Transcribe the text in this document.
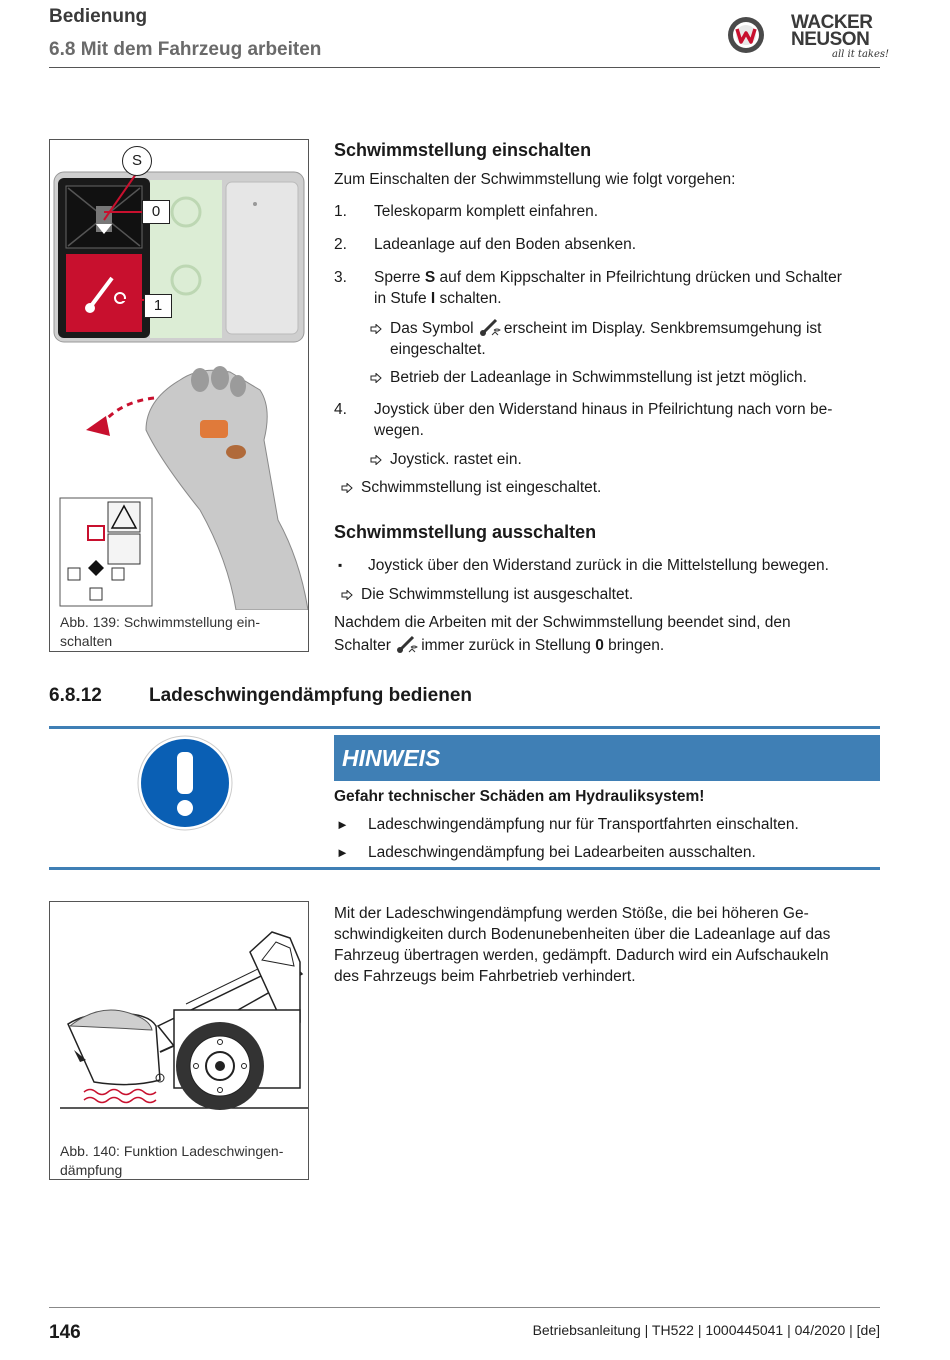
Bedienung
6.8 Mit dem Fahrzeug arbeiten
WACKER
NEUSON
all it takes!
S
0
1
Abb. 139: Schwimmstellung ein-
schalten
Schwimmstellung einschalten
Zum Einschalten der Schwimmstellung wie folgt vorgehen:
1. Teleskoparm komplett einfahren.
2. Ladeanlage auf den Boden absenken.
3. Sperre S auf dem Kippschalter in Pfeilrichtung drücken und Schalter
in Stufe I schalten.
Das Symbol erscheint im Display. Senkbremsumgehung ist
eingeschaltet.
Betrieb der Ladeanlage in Schwimmstellung ist jetzt möglich.
4. Joystick über den Widerstand hinaus in Pfeilrichtung nach vorn be-
wegen.
Joystick. rastet ein.
Schwimmstellung ist eingeschaltet.
Schwimmstellung ausschalten
▪ Joystick über den Widerstand zurück in die Mittelstellung bewegen.
Die Schwimmstellung ist ausgeschaltet.
Nachdem die Arbeiten mit der Schwimmstellung beendet sind, den
Schalter immer zurück in Stellung 0 bringen.
6.8.12 Ladeschwingendämpfung bedienen
HINWEIS
Gefahr technischer Schäden am Hydrauliksystem!
► Ladeschwingendämpfung nur für Transportfahrten einschalten.
► Ladeschwingendämpfung bei Ladearbeiten ausschalten.
Abb. 140: Funktion Ladeschwingen-
dämpfung
Mit der Ladeschwingendämpfung werden Stöße, die bei höheren Ge-
schwindigkeiten durch Bodenunebenheiten über die Ladeanlage auf das
Fahrzeug übertragen werden, gedämpft. Dadurch wird ein Aufschaukeln
des Fahrzeugs beim Fahrbetrieb verhindert.
146	Betriebsanleitung | TH522 | 1000445041 | 04/2020 | [de]
